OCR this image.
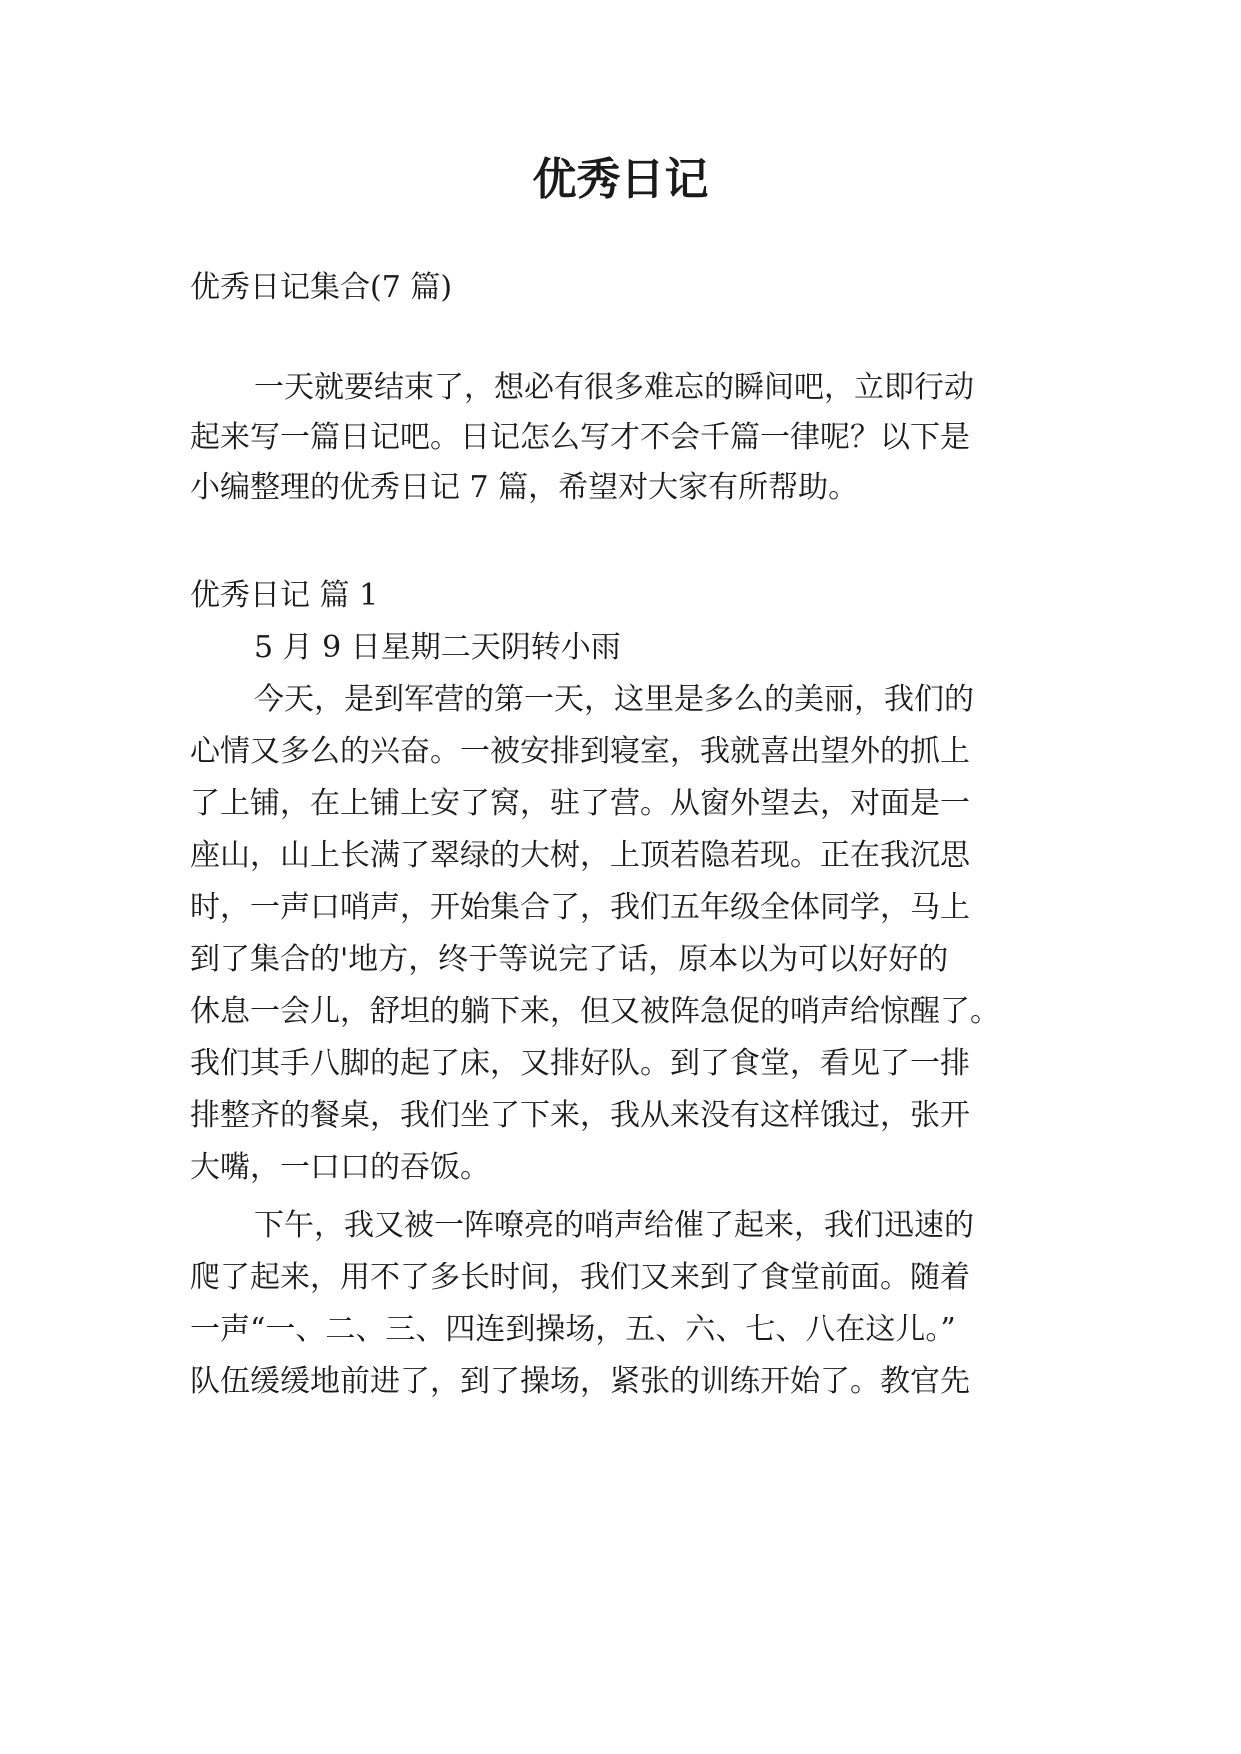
优秀日记

优秀日记集合(7 篇)

一天就要结束了，想必有很多难忘的瞬间吧，立即行动

起来写一篇日记吧。日记怎么写才不会千篇一律呢？以下是

小编整理的优秀日记 7 篇，希望对大家有所帮助。

优秀日记 篇 1

5 月 9 日星期二天阴转小雨

今天，是到军营的第一天，这里是多么的美丽，我们的

心情又多么的兴奋。一被安排到寝室，我就喜出望外的抓上

了上铺，在上铺上安了窝，驻了营。从窗外望去，对面是一

座山，山上长满了翠绿的大树，上顶若隐若现。正在我沉思

时，一声口哨声，开始集合了，我们五年级全体同学，马上

到了集合的'地方，终于等说完了话，原本以为可以好好的

休息一会儿，舒坦的躺下来，但又被阵急促的哨声给惊醒了。

我们其手八脚的起了床，又排好队。到了食堂，看见了一排

排整齐的餐桌，我们坐了下来，我从来没有这样饿过，张开

大嘴，一口口的吞饭。

下午，我又被一阵嘹亮的哨声给催了起来，我们迅速的

爬了起来，用不了多长时间，我们又来到了食堂前面。随着

一声“一、二、三、四连到操场，五、六、七、八在这儿。”

队伍缓缓地前进了，到了操场，紧张的训练开始了。教官先
